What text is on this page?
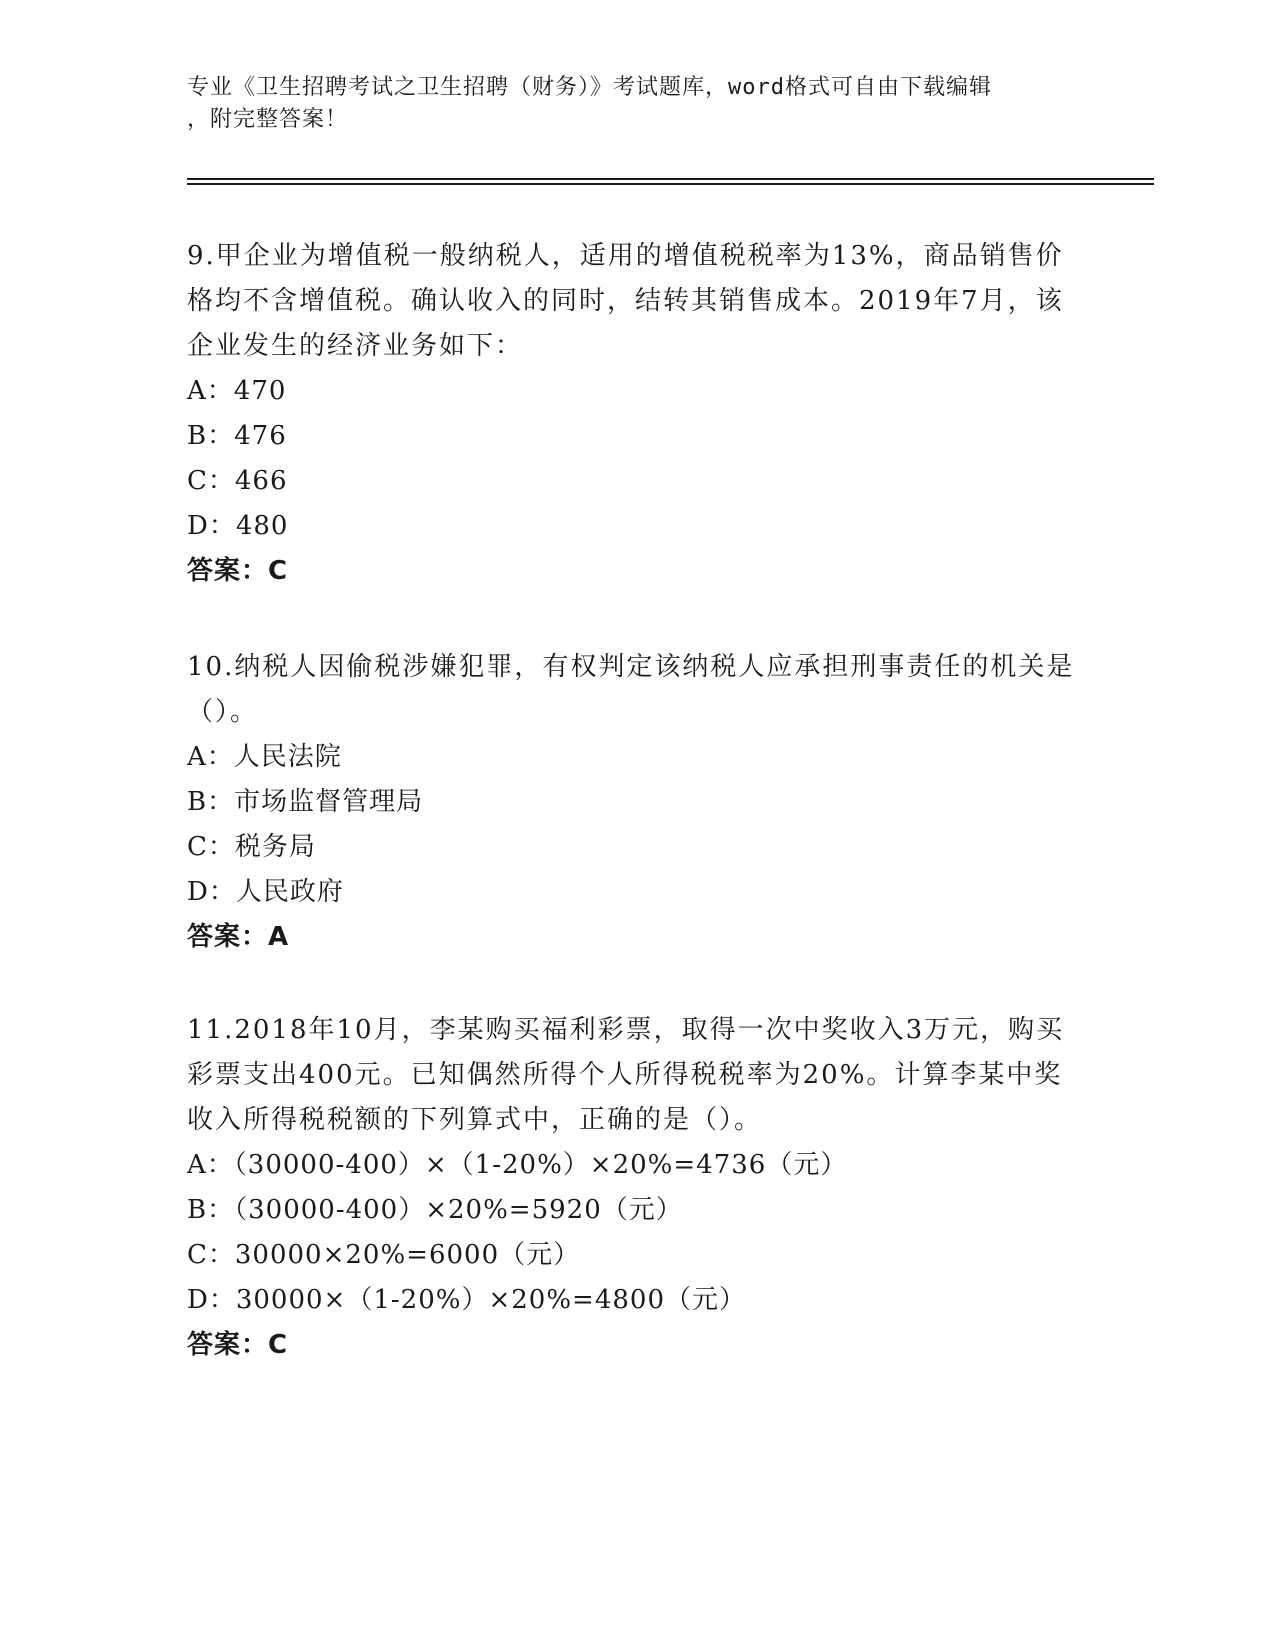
专业《卫生招聘考试之卫生招聘（财务）》考试题库，word格式可自由下载编辑
，附完整答案！

9.甲企业为增值税一般纳税人，适用的增值税税率为13%，商品销售价格均不含增值税。确认收入的同时，结转其销售成本。2019年7月，该企业发生的经济业务如下：

A：470

B：476

C：466

D：480

答案：C

10.纳税人因偷税涉嫌犯罪，有权判定该纳税人应承担刑事责任的机关是（）。

A：人民法院

B：市场监督管理局

C：税务局

D：人民政府

答案：A

11.2018年10月，李某购买福利彩票，取得一次中奖收入3万元，购买彩票支出400元。已知偶然所得个人所得税税率为20%。计算李某中奖收入所得税税额的下列算式中，正确的是（）。

A：（30000-400）×（1-20%）×20%=4736（元）

B：（30000-400）×20%=5920（元）

C：30000×20%=6000（元）

D：30000×（1-20%）×20%=4800（元）

答案：C
